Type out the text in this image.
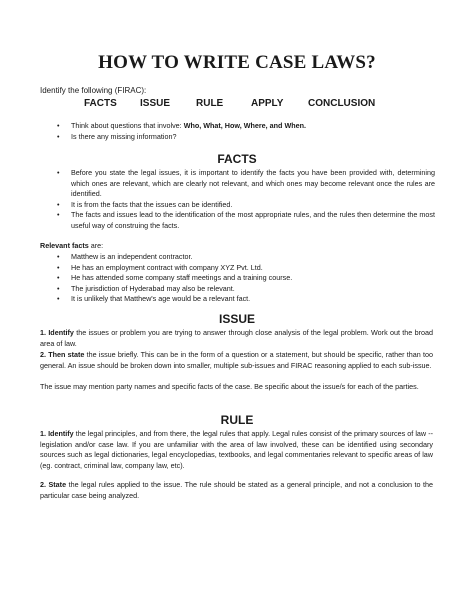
HOW TO WRITE CASE LAWS?
Identify the following (FIRAC):
FACTS ISSUE	RULE	APPLY CONCLUSION
• Think about questions that involve: Who, What, How, Where, and When.
• Is there any missing information?
FACTS
• Before you state the legal issues, it is important to identify the facts you have been provided with, determining which ones are relevant, which are clearly not relevant, and which ones may become relevant once the rules are identified.
• It is from the facts that the issues can be identified.
• The facts and issues lead to the identification of the most appropriate rules, and the rules then determine the most useful way of construing the facts.
Relevant facts are:
• Matthew is an independent contractor.
• He has an employment contract with company XYZ Pvt. Ltd.
• He has attended some company staff meetings and a training course.
• The jurisdiction of Hyderabad may also be relevant.
• It is unlikely that Matthew's age would be a relevant fact.
ISSUE
1. Identify the issues or problem you are trying to answer through close analysis of the legal problem. Work out the broad area of law.
2. Then state the issue briefly. This can be in the form of a question or a statement, but should be specific, rather than too general. An issue should be broken down into smaller, multiple sub-issues and FIRAC reasoning applied to each sub-issue.
The issue may mention party names and specific facts of the case. Be specific about the issue/s for each of the parties.
RULE
1. Identify the legal principles, and from there, the legal rules that apply. Legal rules consist of the primary sources of law -- legislation and/or case law. If you are unfamiliar with the area of law involved, these can be identified using secondary sources such as legal dictionaries, legal encyclopedias, textbooks, and legal commentaries relevant to specific areas of law (eg. contract, criminal law, company law, etc).
2. State the legal rules applied to the issue. The rule should be stated as a general principle, and not a conclusion to the particular case being analyzed.
